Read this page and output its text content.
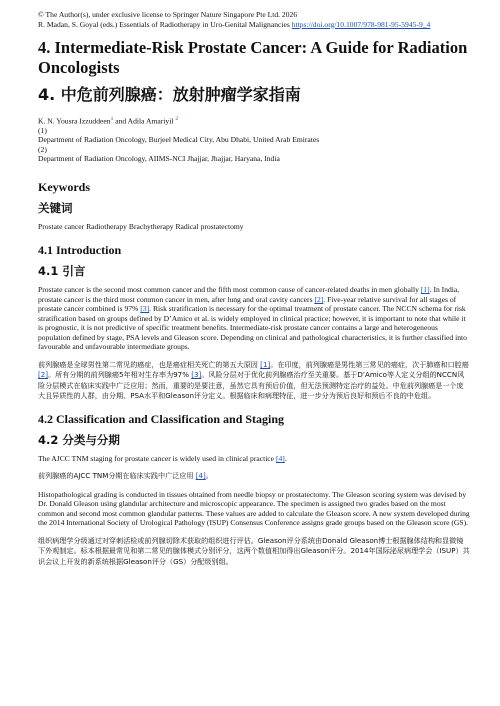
© The Author(s), under exclusive license to Springer Nature Singapore Pte Ltd. 2026
R. Madan, S. Goyal (eds.) Essentials of Radiotherapy in Uro-Genital Malignancies https://doi.org/10.1007/978-981-95-5945-9_4
4. Intermediate-Risk Prostate Cancer: A Guide for Radiation Oncologists
4. 中危前列腺癌：放射肿瘤学家指南
K. N. Yousra Izzuddeen$^1$ and Adila Amariyil $^2$
(1)
Department of Radiation Oncology, Burjeel Medical City, Abu Dhabi, United Arab Emirates
(2)
Department of Radiation Oncology, AIIMS-NCI Jhajjar, Jhajjar, Haryana, India
Keywords
关键词

Prostate cancer Radiotherapy Brachytherapy Radical prostatectomy

4.1 Introduction
4.1 引言

Prostate cancer is the second most common cancer and the fifth most common cause of cancer-related deaths in men globally [1]. In India, prostate cancer is the third most common cancer in men, after lung and oral cavity cancers [2]. Five-year relative survival for all stages of prostate cancer combined is 97% [3]. Risk stratification is necessary for the optimal treatment of prostate cancer. The NCCN schema for risk stratification based on groups defined by D’Amico et al. is widely employed in clinical practice; however, it is important to note that while it is prognostic, it is not predictive of specific treatment benefits. Intermediate-risk prostate cancer contains a large and heterogeneous population defined by stage, PSA levels and Gleason score. Depending on clinical and pathological characteristics, it is further classified into favourable and unfavourable intermediate groups.

前列腺癌是全球男性第二常见的癌症，也是癌症相关死亡的第五大原因 [1]。在印度，前列腺癌是男性第三常见的癌症，次于肺癌和口腔癌 [2]。所有分期的前列腺癌5年相对生存率为97% [3]。风险分层对于优化前列腺癌治疗至关重要。基于D’Amico等人定义分组的NCCN风险分层模式在临床实践中广泛应用；然而，重要的是要注意，虽然它具有预后价值，但无法预测特定治疗的益处。中危前列腺癌是一个庞大且异质性的人群，由分期、PSA水平和Gleason评分定义。根据临床和病理特征，进一步分为预后良好和预后不良的中危组。

4.2 Classification and Classification and Staging
4.2 分类与分期

The AJCC TNM staging for prostate cancer is widely used in clinical practice [4].

前列腺癌的AJCC TNM分期在临床实践中广泛应用 [4]。

Histopathological grading is conducted in tissues obtained from needle biopsy or prostatectomy. The Gleason scoring system was devised by Dr. Donald Gleason using glandular architecture and microscopic appearance. The specimen is assigned two grades based on the most common and second most common glandular patterns. These values are added to calculate the Gleason score. A new system developed during the 2014 International Society of Urological Pathology (ISUP) Consensus Conference assigns grade groups based on the Gleason score (GS).

组织病理学分级通过对穿刺活检或前列腺切除术获取的组织进行评估。Gleason评分系统由Donald Gleason博士根据腺体结构和显微镜下外观制定。标本根据最常见和第二常见的腺体模式分别评分，这两个数值相加得出Gleason评分。2014年国际泌尿病理学会（ISUP）共识会议上开发的新系统根据Gleason评分（GS）分配级别组。
